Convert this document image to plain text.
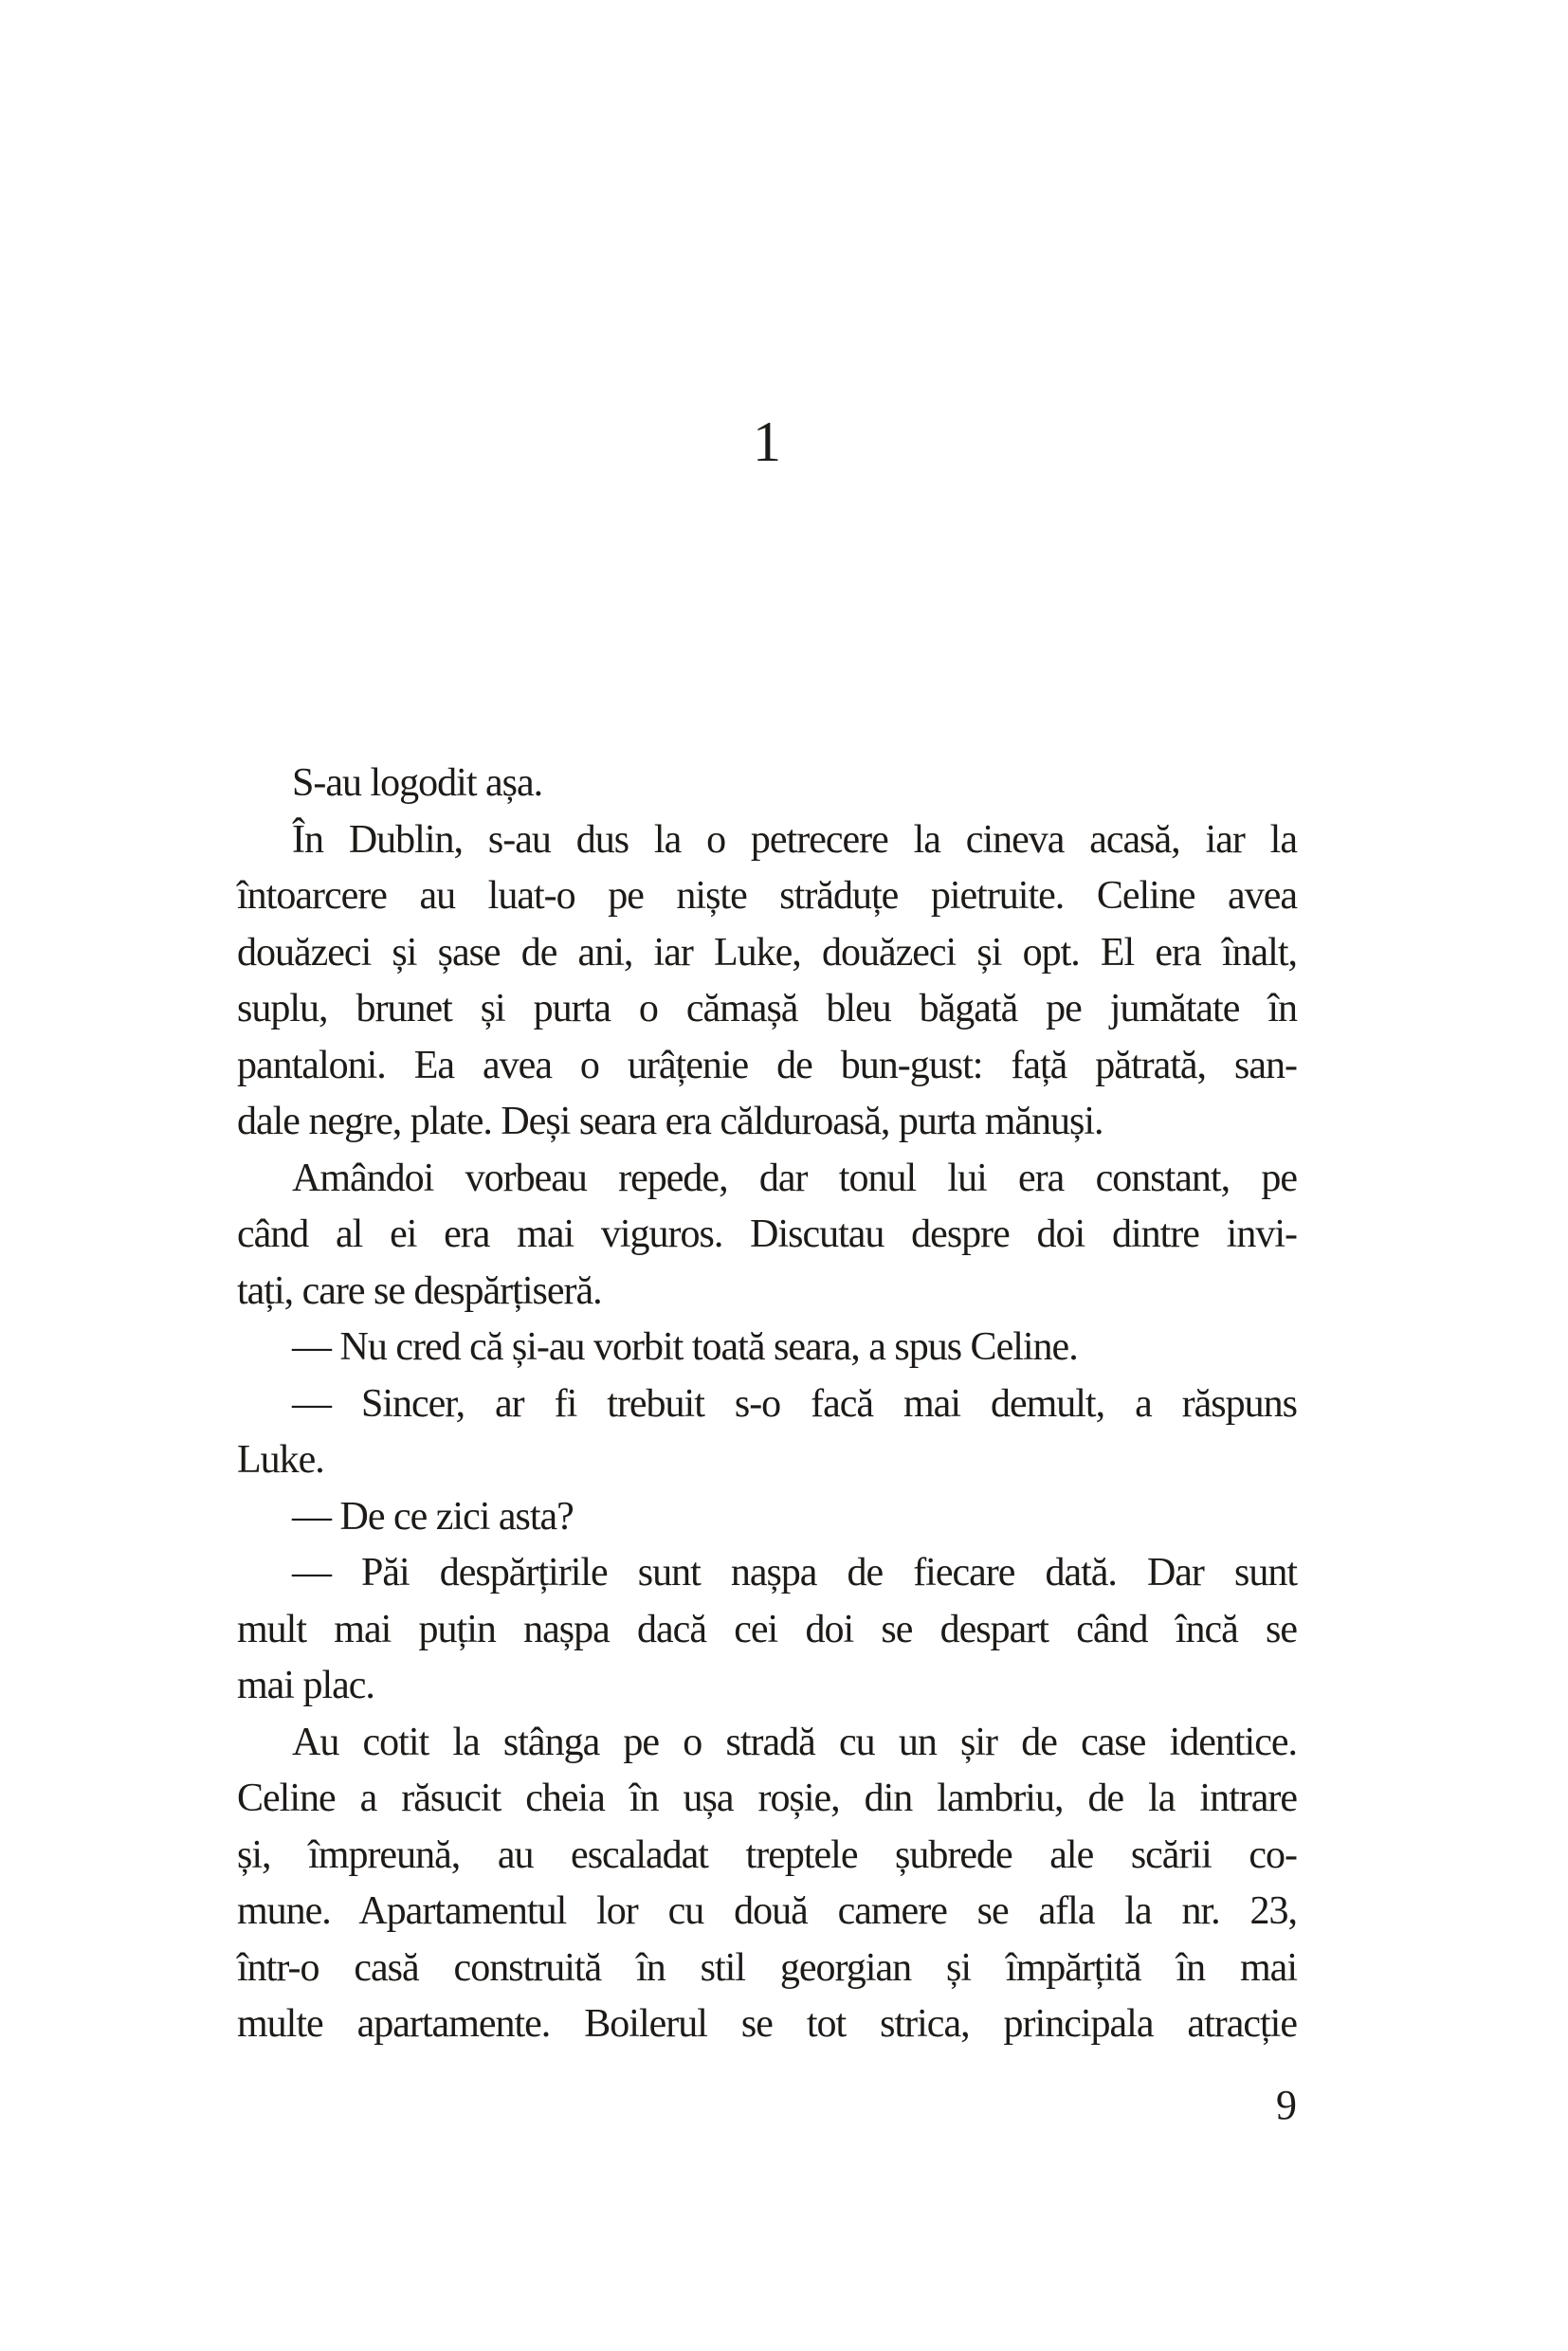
1
S-au logodit așa.
În Dublin, s-au dus la o petrecere la cineva acasă, iar la
întoarcere au luat-o pe niște străduțe pietruite. Celine avea
douăzeci și șase de ani, iar Luke, douăzeci și opt. El era înalt,
suplu, brunet și purta o cămașă bleu băgată pe jumătate în
pantaloni. Ea avea o urâțenie de bun-gust: față pătrată, san-
dale negre, plate. Deși seara era călduroasă, purta mănuși.
Amândoi vorbeau repede, dar tonul lui era constant, pe
când al ei era mai viguros. Discutau despre doi dintre invi-
tați, care se despărțiseră.
— Nu cred că și-au vorbit toată seara, a spus Celine.
— Sincer, ar fi trebuit s-o facă mai demult, a răspuns
Luke.
— De ce zici asta?
— Păi despărțirile sunt nașpa de fiecare dată. Dar sunt
mult mai puțin nașpa dacă cei doi se despart când încă se
mai plac.
Au cotit la stânga pe o stradă cu un șir de case identice.
Celine a răsucit cheia în ușa roșie, din lambriu, de la intrare
și, împreună, au escaladat treptele șubrede ale scării co-
mune. Apartamentul lor cu două camere se afla la nr. 23,
într-o casă construită în stil georgian și împărțită în mai
multe apartamente. Boilerul se tot strica, principala atracție
9
